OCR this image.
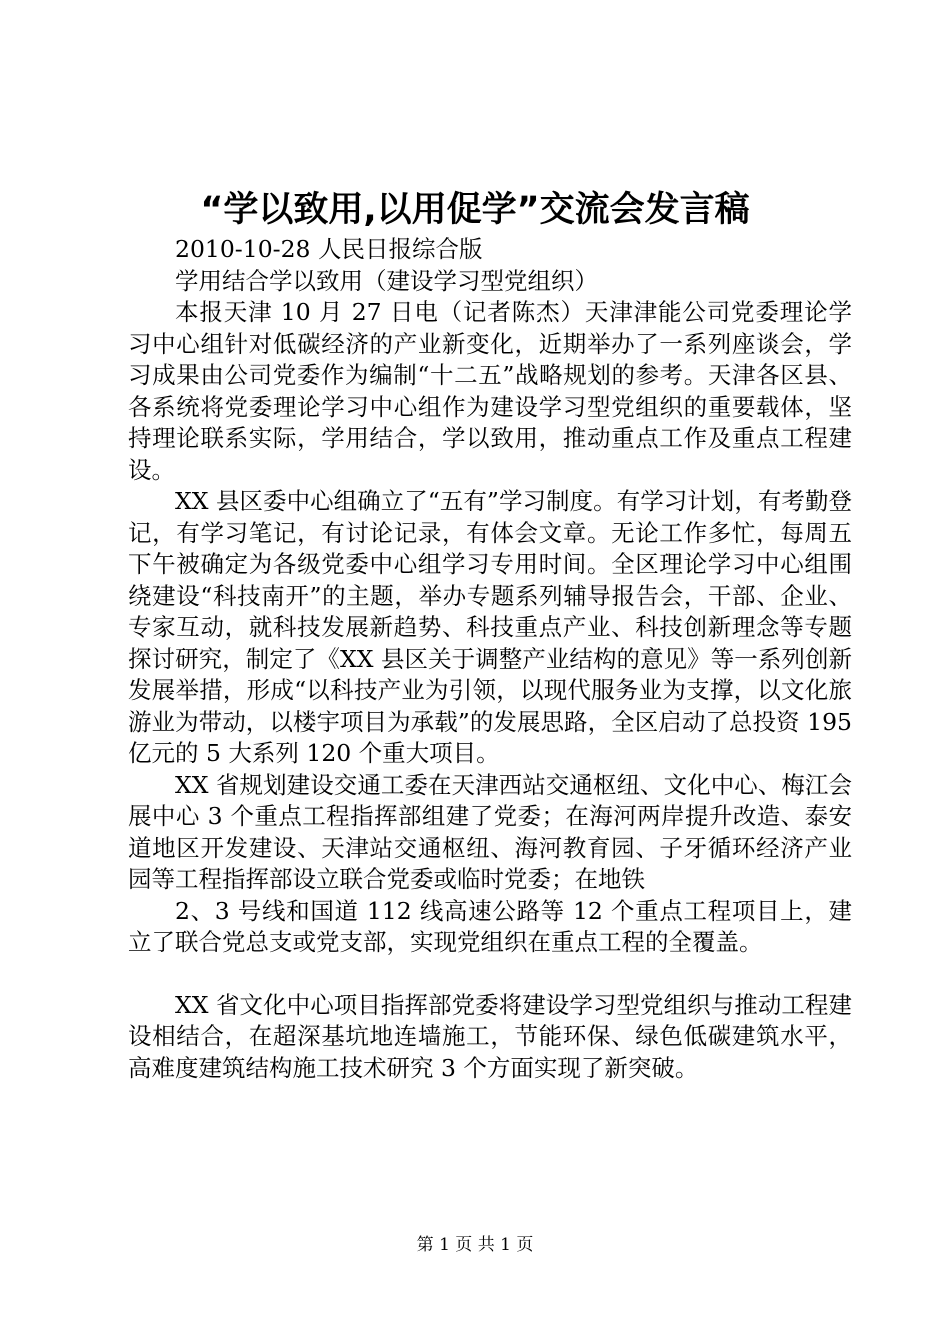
“学以致用,以用促学”交流会发言稿

2010-10-28 人民日报综合版

学用结合学以致用（建设学习型党组织）

本报天津 10 月 27 日电（记者陈杰）天津津能公司党委理论学习中心组针对低碳经济的产业新变化，近期举办了一系列座谈会，学习成果由公司党委作为编制“十二五”战略规划的参考。天津各区县、各系统将党委理论学习中心组作为建设学习型党组织的重要载体，坚持理论联系实际，学用结合，学以致用，推动重点工作及重点工程建设。

XX 县区委中心组确立了“五有”学习制度。有学习计划，有考勤登记，有学习笔记，有讨论记录，有体会文章。无论工作多忙，每周五下午被确定为各级党委中心组学习专用时间。全区理论学习中心组围绕建设“科技南开”的主题，举办专题系列辅导报告会，干部、企业、专家互动，就科技发展新趋势、科技重点产业、科技创新理念等专题探讨研究，制定了《XX 县区关于调整产业结构的意见》等一系列创新发展举措，形成“以科技产业为引领，以现代服务业为支撑，以文化旅游业为带动，以楼宇项目为承载”的发展思路，全区启动了总投资 195 亿元的 5 大系列 120 个重大项目。

XX 省规划建设交通工委在天津西站交通枢纽、文化中心、梅江会展中心 3 个重点工程指挥部组建了党委；在海河两岸提升改造、泰安道地区开发建设、天津站交通枢纽、海河教育园、子牙循环经济产业园等工程指挥部设立联合党委或临时党委；在地铁

2、3 号线和国道 112 线高速公路等 12 个重点工程项目上，建立了联合党总支或党支部，实现党组织在重点工程的全覆盖。

XX 省文化中心项目指挥部党委将建设学习型党组织与推动工程建设相结合，在超深基坑地连墙施工，节能环保、绿色低碳建筑水平，高难度建筑结构施工技术研究 3 个方面实现了新突破。

第 1 页 共 1 页
